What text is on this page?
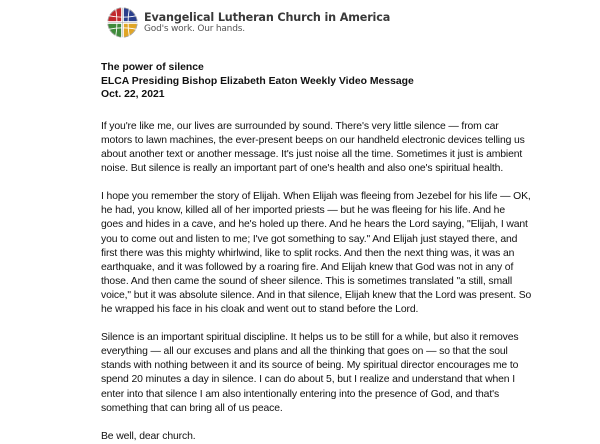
Evangelical Lutheran Church in America
God's work. Our hands.
The power of silence
ELCA Presiding Bishop Elizabeth Eaton Weekly Video Message
Oct. 22, 2021

If you're like me, our lives are surrounded by sound. There's very little silence — from car
motors to lawn machines, the ever-present beeps on our handheld electronic devices telling us
about another text or another message. It's just noise all the time. Sometimes it just is ambient
noise. But silence is really an important part of one's health and also one's spiritual health.

I hope you remember the story of Elijah. When Elijah was fleeing from Jezebel for his life — OK,
he had, you know, killed all of her imported priests — but he was fleeing for his life. And he
goes and hides in a cave, and he's holed up there. And he hears the Lord saying, "Elijah, I want
you to come out and listen to me; I've got something to say." And Elijah just stayed there, and
first there was this mighty whirlwind, like to split rocks. And then the next thing was, it was an
earthquake, and it was followed by a roaring fire. And Elijah knew that God was not in any of
those. And then came the sound of sheer silence. This is sometimes translated "a still, small
voice," but it was absolute silence. And in that silence, Elijah knew that the Lord was present. So
he wrapped his face in his cloak and went out to stand before the Lord.

Silence is an important spiritual discipline. It helps us to be still for a while, but also it removes
everything — all our excuses and plans and all the thinking that goes on — so that the soul
stands with nothing between it and its source of being. My spiritual director encourages me to
spend 20 minutes a day in silence. I can do about 5, but I realize and understand that when I
enter into that silence I am also intentionally entering into the presence of God, and that's
something that can bring all of us peace.

Be well, dear church.
